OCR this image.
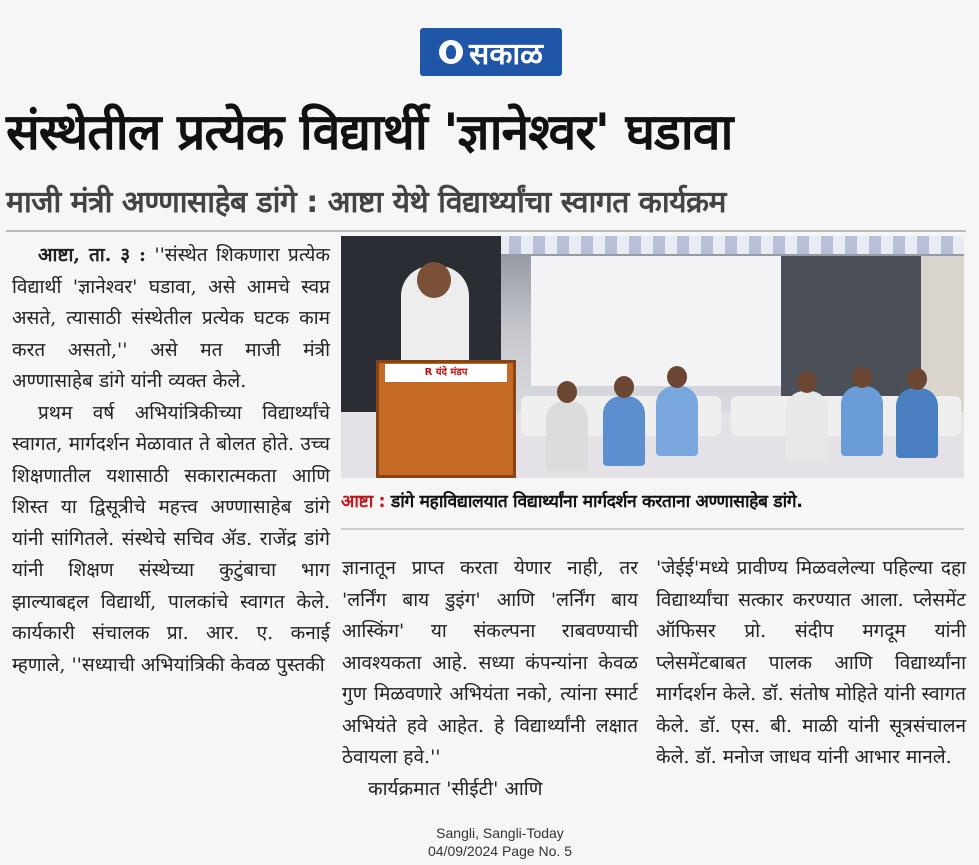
सकाळ
संस्थेतील प्रत्येक विद्यार्थी 'ज्ञानेश्वर' घडावा
माजी मंत्री अण्णासाहेब डांगे : आष्टा येथे विद्यार्थ्यांचा स्वागत कार्यक्रम

आष्टा, ता. ३ : ''संस्थेत शिकणारा प्रत्येक विद्यार्थी 'ज्ञानेश्वर' घडावा, असे आमचे स्वप्न असते, त्यासाठी संस्थेतील प्रत्येक घटक काम करत असतो,'' असे मत माजी मंत्री अण्णासाहेब डांगे यांनी व्यक्त केले.

प्रथम वर्ष अभियांत्रिकीच्या विद्यार्थ्यांचे स्वागत, मार्गदर्शन मेळावात ते बोलत होते. उच्च शिक्षणातील यशासाठी सकारात्मकता आणि शिस्त या द्विसूत्रीचे महत्त्व अण्णासाहेब डांगे यांनी सांगितले. संस्थेचे सचिव ॲड. राजेंद्र डांगे यांनी शिक्षण संस्थेच्या कुटुंबाचा भाग झाल्याबद्दल विद्यार्थी, पालकांचे स्वागत केले. कार्यकारी संचालक प्रा. आर. ए. कनाई म्हणाले, ''सध्याची अभियांत्रिकी केवळ पुस्तकी

R यंदे मंडप
आष्टा : डांगे महाविद्यालयात विद्यार्थ्यांना मार्गदर्शन करताना अण्णासाहेब डांगे.

ज्ञानातून प्राप्त करता येणार नाही, तर 'लर्निंग बाय डुइंग' आणि 'लर्निंग बाय आस्किंग' या संकल्पना राबवण्याची आवश्यकता आहे. सध्या कंपन्यांना केवळ गुण मिळवणारे अभियंता नको, त्यांना स्मार्ट अभियंते हवे आहेत. हे विद्यार्थ्यांनी लक्षात ठेवायला हवे.''

कार्यक्रमात 'सीईटी' आणि

'जेईई'मध्ये प्रावीण्य मिळवलेल्या पहिल्या दहा विद्यार्थ्यांचा सत्कार करण्यात आला. प्लेसमेंट ऑफिसर प्रो. संदीप मगदूम यांनी प्लेसमेंटबाबत पालक आणि विद्यार्थ्यांना मार्गदर्शन केले. डॉ. संतोष मोहिते यांनी स्वागत केले. डॉ. एस. बी. माळी यांनी सूत्रसंचालन केले. डॉ. मनोज जाधव यांनी आभार मानले.

Sangli, Sangli-Today
04/09/2024 Page No. 5
